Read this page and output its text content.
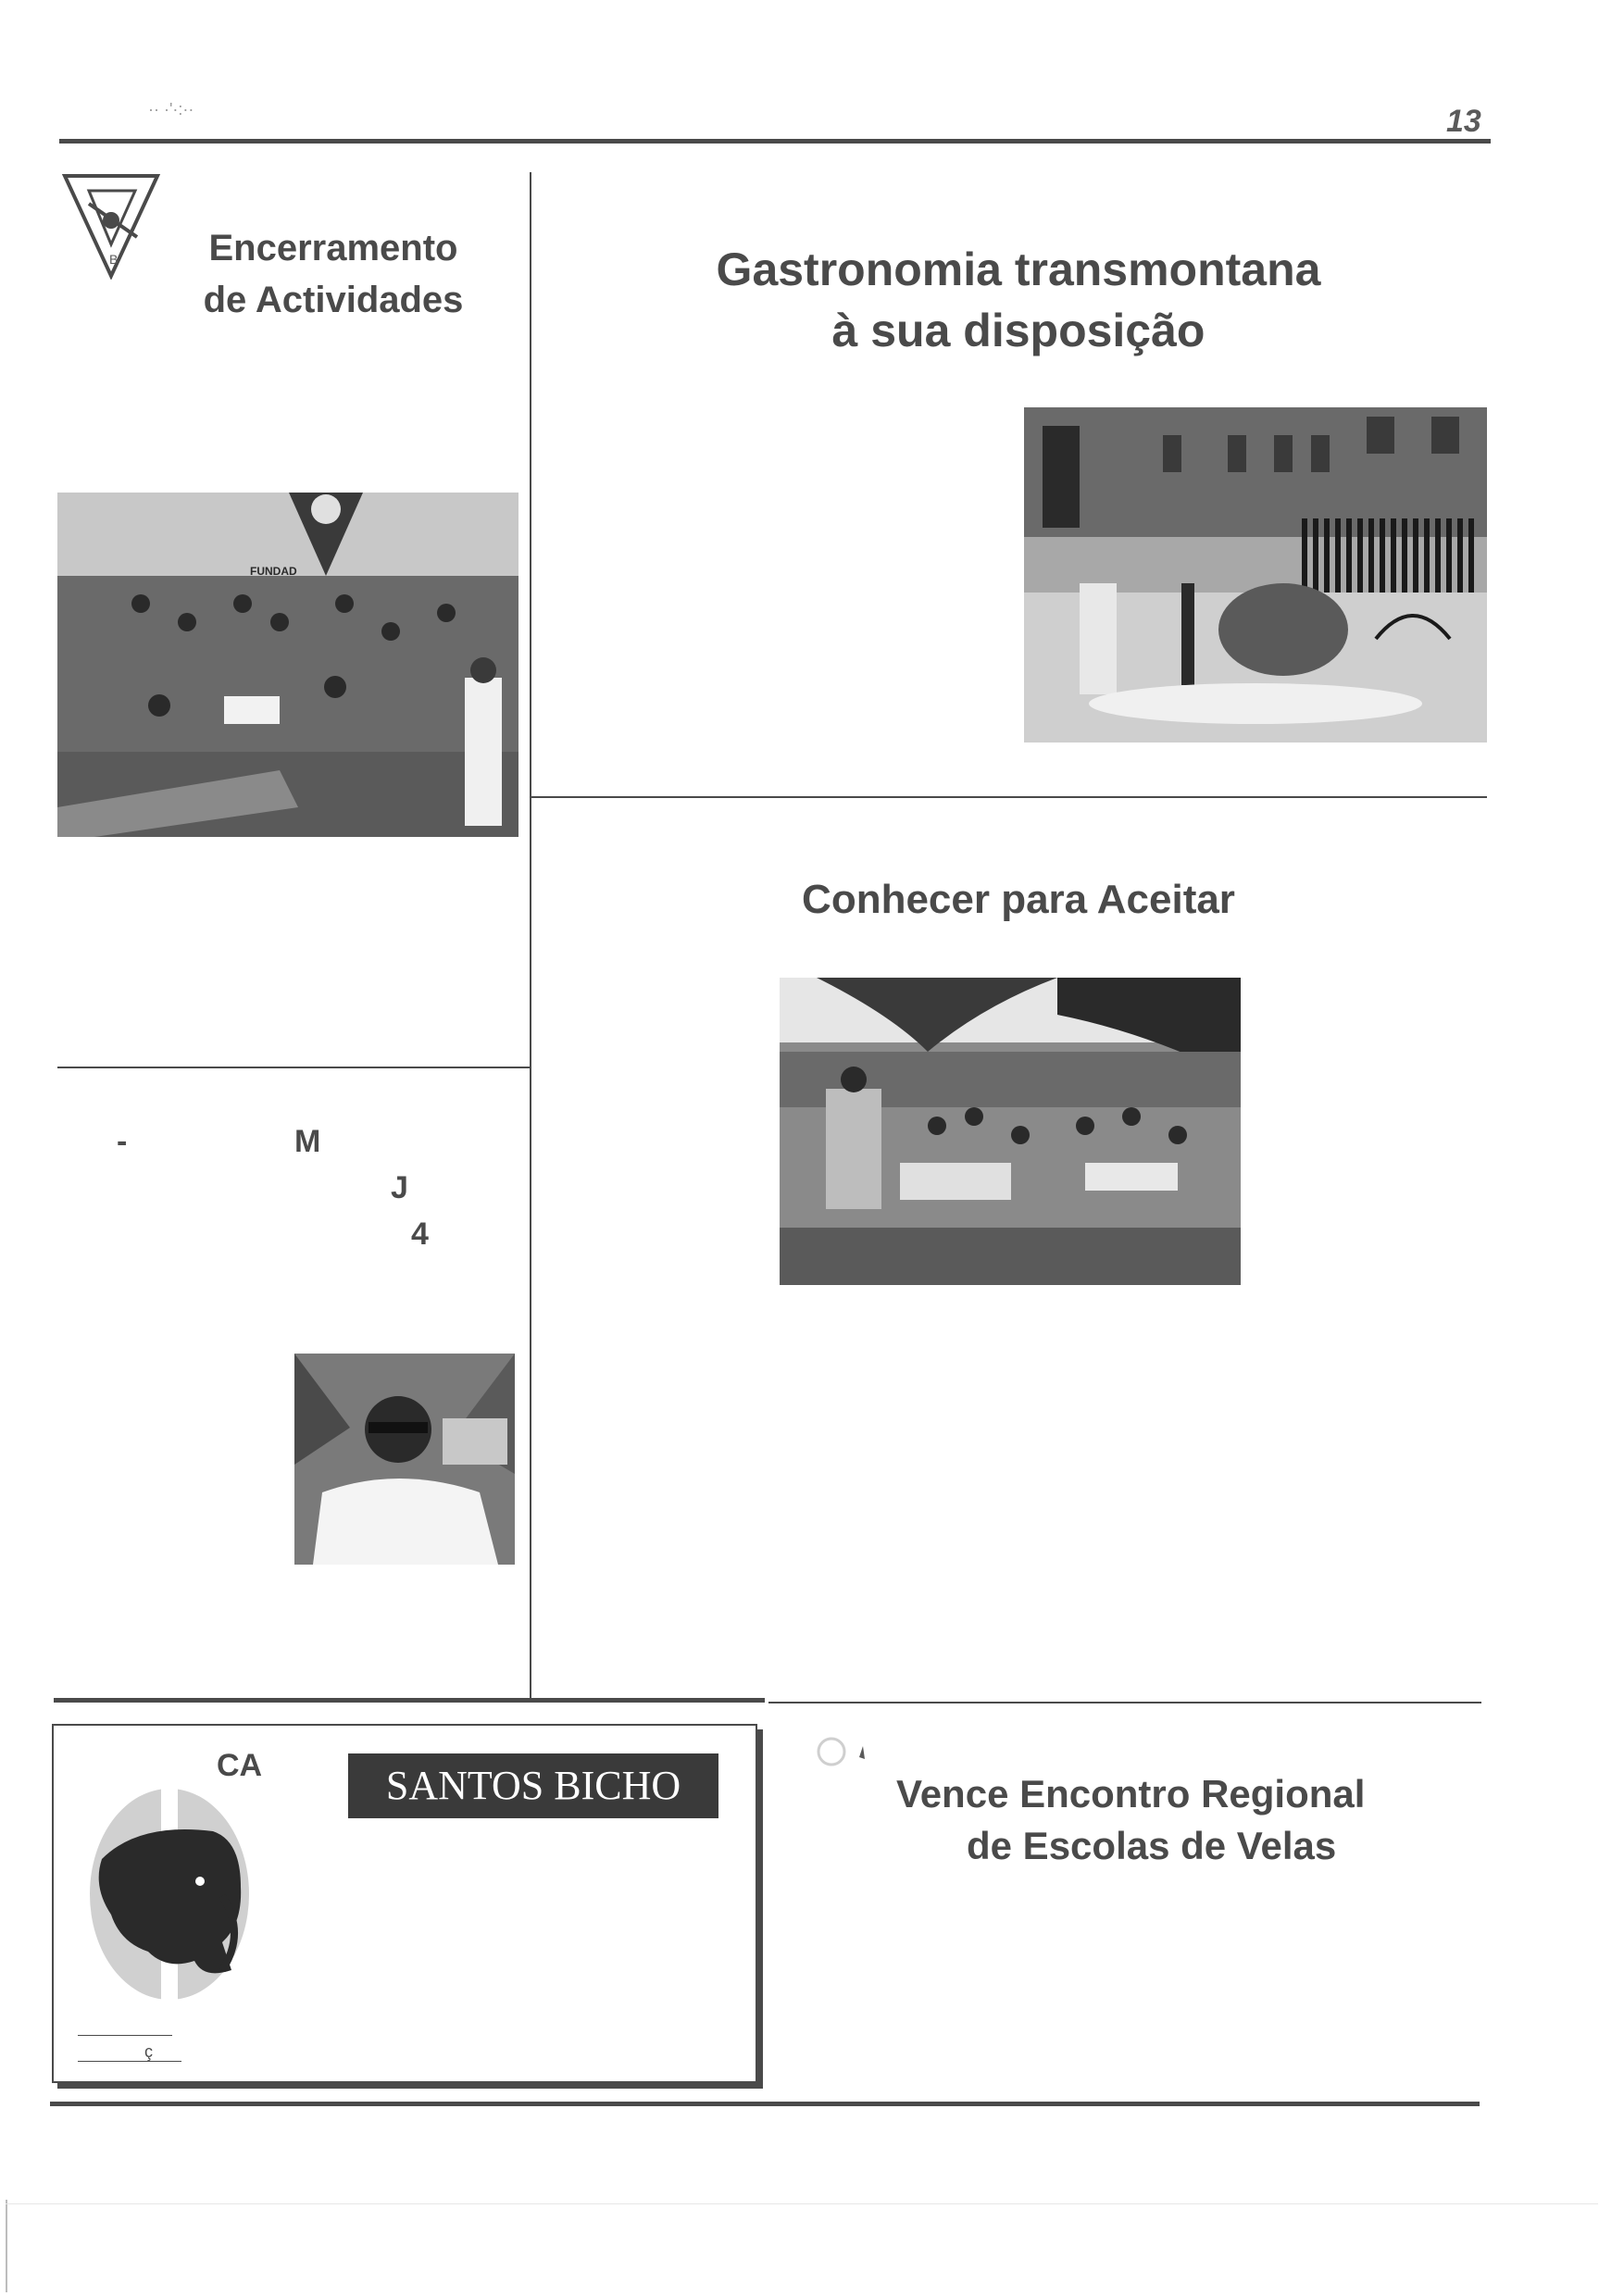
·· ·'·:··	13
B	Encerramento
de Actividades
FUNDAD
-	M
J
4
Gastronomia transmontana
à sua disposição
Conhecer para Aceitar
CA	SANTOS BICHO
ç
Vence Encontro Regional
de Escolas de Velas
